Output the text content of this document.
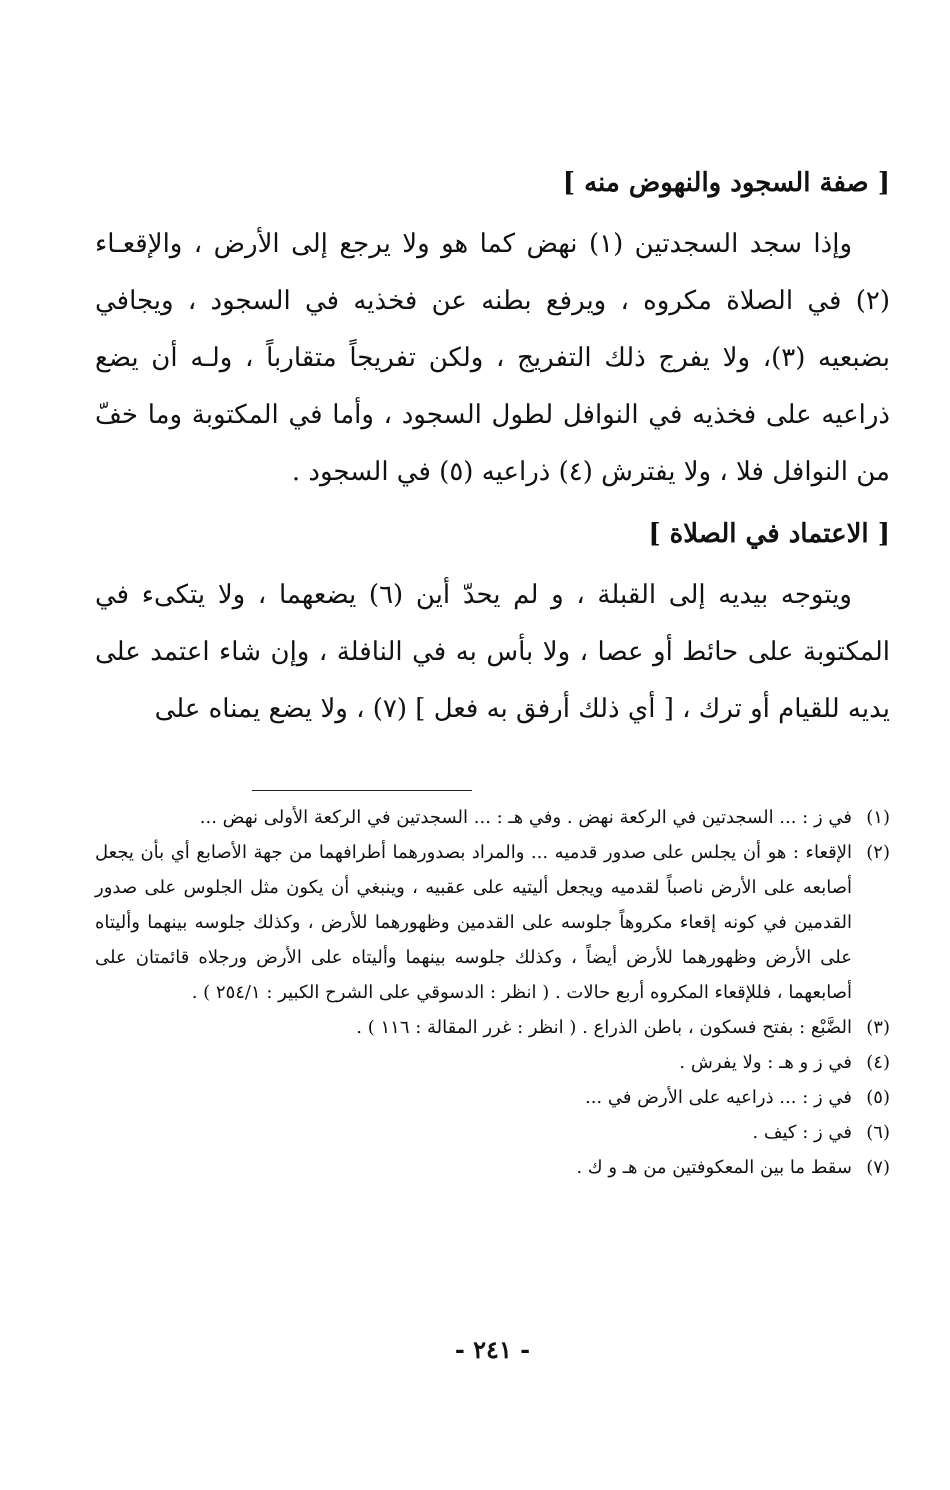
[ صفة السجود والنهوض منه ]

وإذا سجد السجدتين (١) نهض كما هو ولا يرجع إلى الأرض ، والإقعـاء (٢) في الصلاة مكروه ، ويرفع بطنه عن فخذيه في السجود ، ويجافي بضبعيه (٣)، ولا يفرج ذلك التفريج ، ولكن تفريجاً متقارباً ، ولـه أن يضع ذراعيه على فخذيه في النوافل لطول السجود ، وأما في المكتوبة وما خفّ من النوافل فلا ، ولا يفترش (٤) ذراعيه (٥) في السجود .

[ الاعتماد في الصلاة ]

ويتوجه بيديه إلى القبلة ، و لم يحدّ أين (٦) يضعهما ، ولا يتكىء في المكتوبة على حائط أو عصا ، ولا بأس به في النافلة ، وإن شاء اعتمد على يديه للقيام أو ترك ، [ أي ذلك أرفق به فعل ] (٧) ، ولا يضع يمناه على

(١)
في ز : ... السجدتين في الركعة نهض . وفي هـ : ... السجدتين في الركعة الأولى نهض ...
(٢)
الإقعاء : هو أن يجلس على صدور قدميه ... والمراد بصدورهما أطرافهما من جهة الأصابع أي بأن يجعل أصابعه على الأرض ناصباً لقدميه ويجعل أليتيه على عقبيه ، وينبغي أن يكون مثل الجلوس على صدور القدمين في كونه إقعاء مكروهاً جلوسه على القدمين وظهورهما للأرض ، وكذلك جلوسه بينهما وأليتاه على الأرض وظهورهما للأرض أيضاً ، وكذلك جلوسه بينهما وأليتاه على الأرض ورجلاه قائمتان على أصابعهما ، فللإقعاء المكروه أربع حالات . ( انظر : الدسوقي على الشرح الكبير : ٢٥٤/١ ) .
(٣)
الضَّبْع : بفتح فسكون ، باطن الذراع . ( انظر : غرر المقالة : ١١٦ ) .
(٤)
في ز و هـ : ولا يفرش .
(٥)
في ز : ... ذراعيه على الأرض في ...
(٦)
في ز : كيف .
(٧)
سقط ما بين المعكوفتين من هـ و ك .
- ٢٤١ -
